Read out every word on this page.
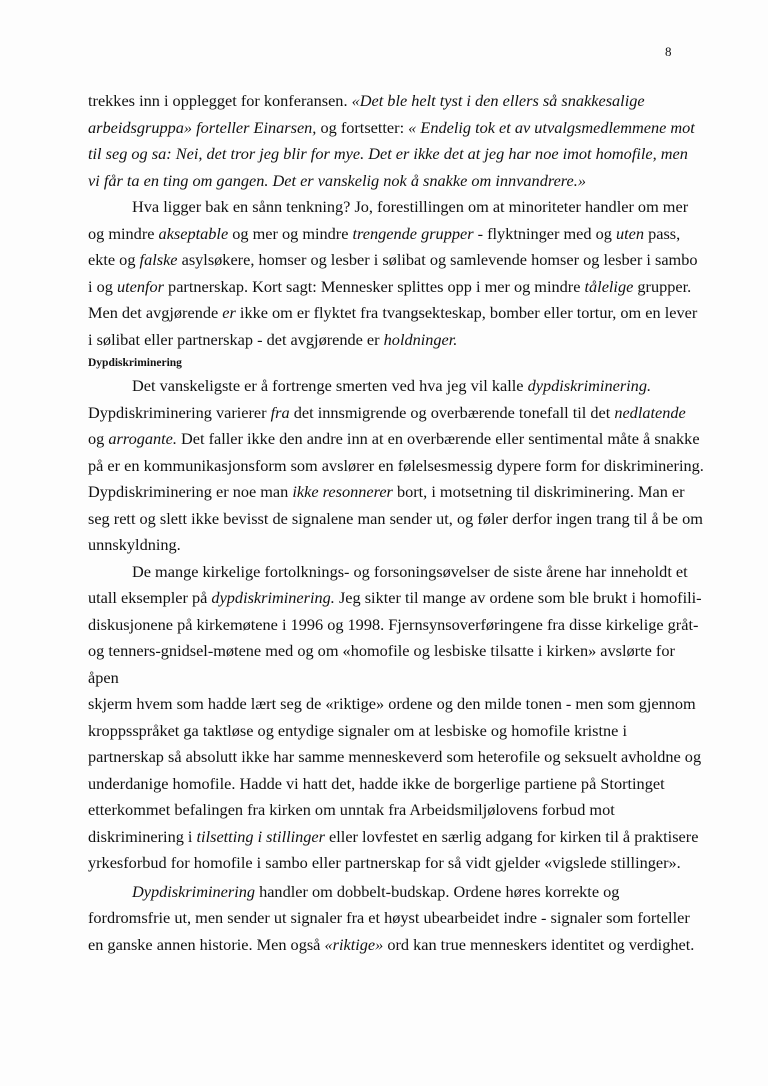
8
trekkes inn i opplegget for konferansen. «Det ble helt tyst i den ellers så snakkesalige
arbeidsgruppa» forteller Einarsen, og fortsetter: « Endelig tok et av utvalgsmedlemmene mot
til seg og sa: Nei, det tror jeg blir for mye. Det er ikke det at jeg har noe imot homofile, men
vi får ta en ting om gangen. Det er vanskelig nok å snakke om innvandrere.»
Hva ligger bak en sånn tenkning? Jo, forestillingen om at minoriteter handler om mer
og mindre akseptable og mer og mindre trengende grupper - flyktninger med og uten pass,
ekte og falske asylsøkere, homser og lesber i sølibat og samlevende homser og lesber i sambo
i og utenfor partnerskap. Kort sagt: Mennesker splittes opp i mer og mindre tålelige grupper.
Men det avgjørende er ikke om er flyktet fra tvangsekteskap, bomber eller tortur, om en lever
i sølibat eller partnerskap - det avgjørende er holdninger.
Dypdiskriminering
Det vanskeligste er å fortrenge smerten ved hva jeg vil kalle dypdiskriminering.
Dypdiskriminering varierer fra det innsmigrende og overbærende tonefall til det nedlatende
og arrogante. Det faller ikke den andre inn at en overbærende eller sentimental måte å snakke
på er en kommunikasjonsform som avslører en følelsesmessig dypere form for diskriminering.
Dypdiskriminering er noe man ikke resonnerer bort, i motsetning til diskriminering. Man er
seg rett og slett ikke bevisst de signalene man sender ut, og føler derfor ingen trang til å be om
unnskyldning.
De mange kirkelige fortolknings- og forsoningsøvelser de siste årene har inneholdt et
utall eksempler på dypdiskriminering. Jeg sikter til mange av ordene som ble brukt i homofili-
diskusjonene på kirkemøtene i 1996 og 1998. Fjernsynsoverføringene fra disse kirkelige gråt-
og tenners-gnidsel-møtene med og om «homofile og lesbiske tilsatte i kirken» avslørte for
åpen
skjerm hvem som hadde lært seg de «riktige» ordene og den milde tonen - men som gjennom
kroppsspråket ga taktløse og entydige signaler om at lesbiske og homofile kristne i
partnerskap så absolutt ikke har samme menneskeverd som heterofile og seksuelt avholdne og
underdanige homofile. Hadde vi hatt det, hadde ikke de borgerlige partiene på Stortinget
etterkommet befalingen fra kirken om unntak fra Arbeidsmiljølovens forbud mot
diskriminering i tilsetting i stillinger eller lovfestet en særlig adgang for kirken til å praktisere
yrkesforbud for homofile i sambo eller partnerskap for så vidt gjelder «vigslede stillinger».
Dypdiskriminering handler om dobbelt-budskap. Ordene høres korrekte og
fordromsfrie ut, men sender ut signaler fra et høyst ubearbeidet indre - signaler som forteller
en ganske annen historie. Men også «riktige» ord kan true menneskers identitet og verdighet.
